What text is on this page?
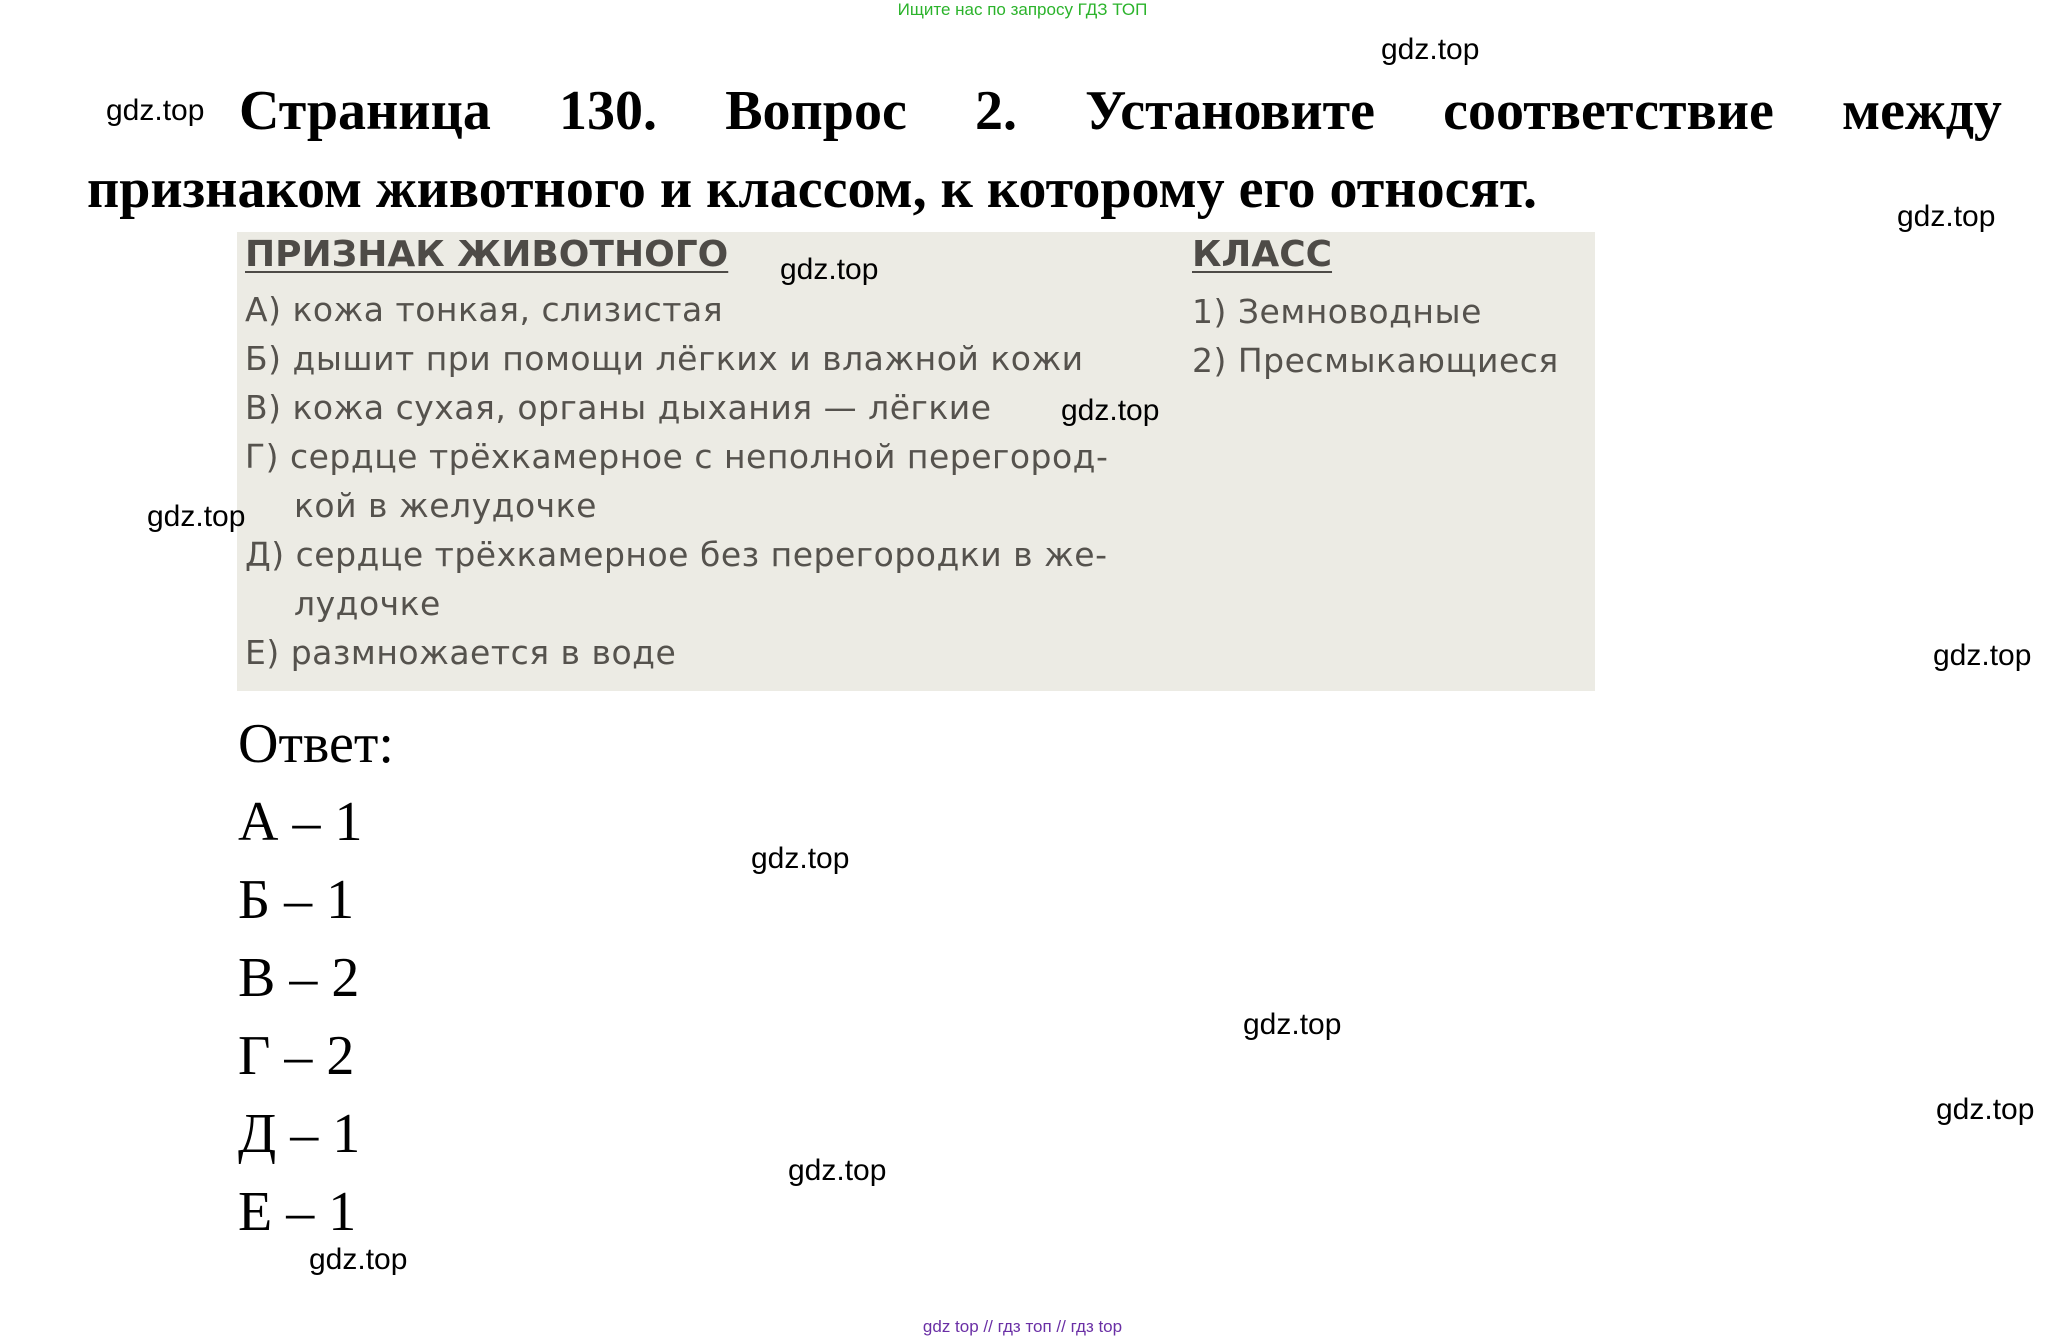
Ищите нас по запросу ГДЗ ТОП
Страница 130. Вопрос 2. Установите соответствие между
признаком животного и классом, к которому его относят.
ПРИЗНАК ЖИВОТНОГО	КЛАСС
А) кожа тонкая, слизистая
Б) дышит при помощи лёгких и влажной кожи
В) кожа сухая, органы дыхания — лёгкие
Г) сердце трёхкамерное с неполной перегород-
кой в желудочке
Д) сердце трёхкамерное без перегородки в же-
лудочке
Е) размножается в воде
1) Земноводные
2) Пресмыкающиеся
Ответ:
А – 1
Б – 1
В – 2
Г – 2
Д – 1
Е – 1
gdz.top
gdz.top
gdz.top
gdz.top
gdz.top
gdz.top
gdz.top
gdz.top
gdz.top
gdz.top
gdz.top
gdz.top
gdz top // гдз топ // гдз top
